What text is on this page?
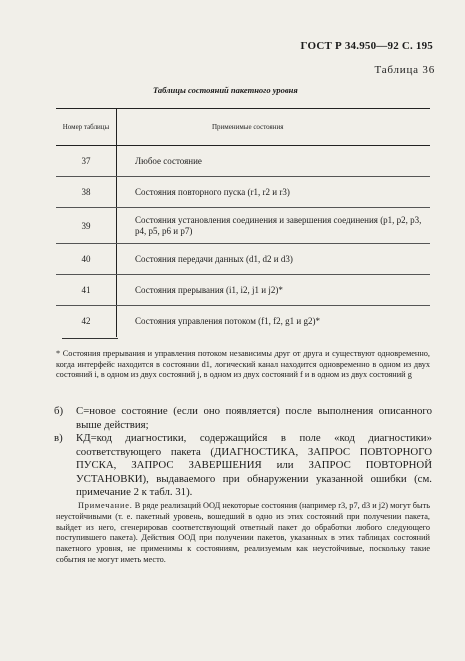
ГОСТ Р 34.950—92 С. 195
Таблица 36
Таблицы состояний пакетного уровня
Номер таблицы	Применимые состояния
37	Любое состояние
38	Состояния повторного пуска (r1, r2 и r3)
39	Состояния установления соединения и завершения соединения (p1, p2, p3, p4, p5, p6 и p7)
40	Состояния передачи данных (d1, d2 и d3)
41	Состояния прерывания (i1, i2, j1 и j2)*
42	Состояния управления потоком (f1, f2, g1 и g2)*
* Состояния прерывания и управления потоком независимы друг от друга и существуют одновременно, когда интерфейс находится в состоянии d1, логический канал находится одновременно в одном из двух состояний i, в одном из двух состояний j, в одном из двух состояний f и в одном из двух состояний g
б)	С=новое состояние (если оно появляется) после выполнения описанного выше действия;
в)	КД=код диагностики, содержащийся в поле «код диагностики» соответствующего пакета (ДИАГНОСТИКА, ЗАПРОС ПОВТОРНОГО ПУСКА, ЗАПРОС ЗАВЕРШЕНИЯ или ЗАПРОС ПОВТОРНОЙ УСТАНОВКИ), выдаваемого при обнаружении указанной ошибки (см. примечание 2 к табл. 31).
Примечание. В ряде реализаций ООД некоторые состояния (например r3, p7, d3 и j2) могут быть неустойчивыми (т. е. пакетный уровень, вошедший в одно из этих состояний при получении пакета, выйдет из него, сгенерировав соответствующий ответный пакет до обработки любого следующего поступившего пакета). Действия ООД при получении пакетов, указанных в этих таблицах состояний пакетного уровня, не применимы к состояниям, реализуемым как неустойчивые, поскольку такие события не могут иметь место.
